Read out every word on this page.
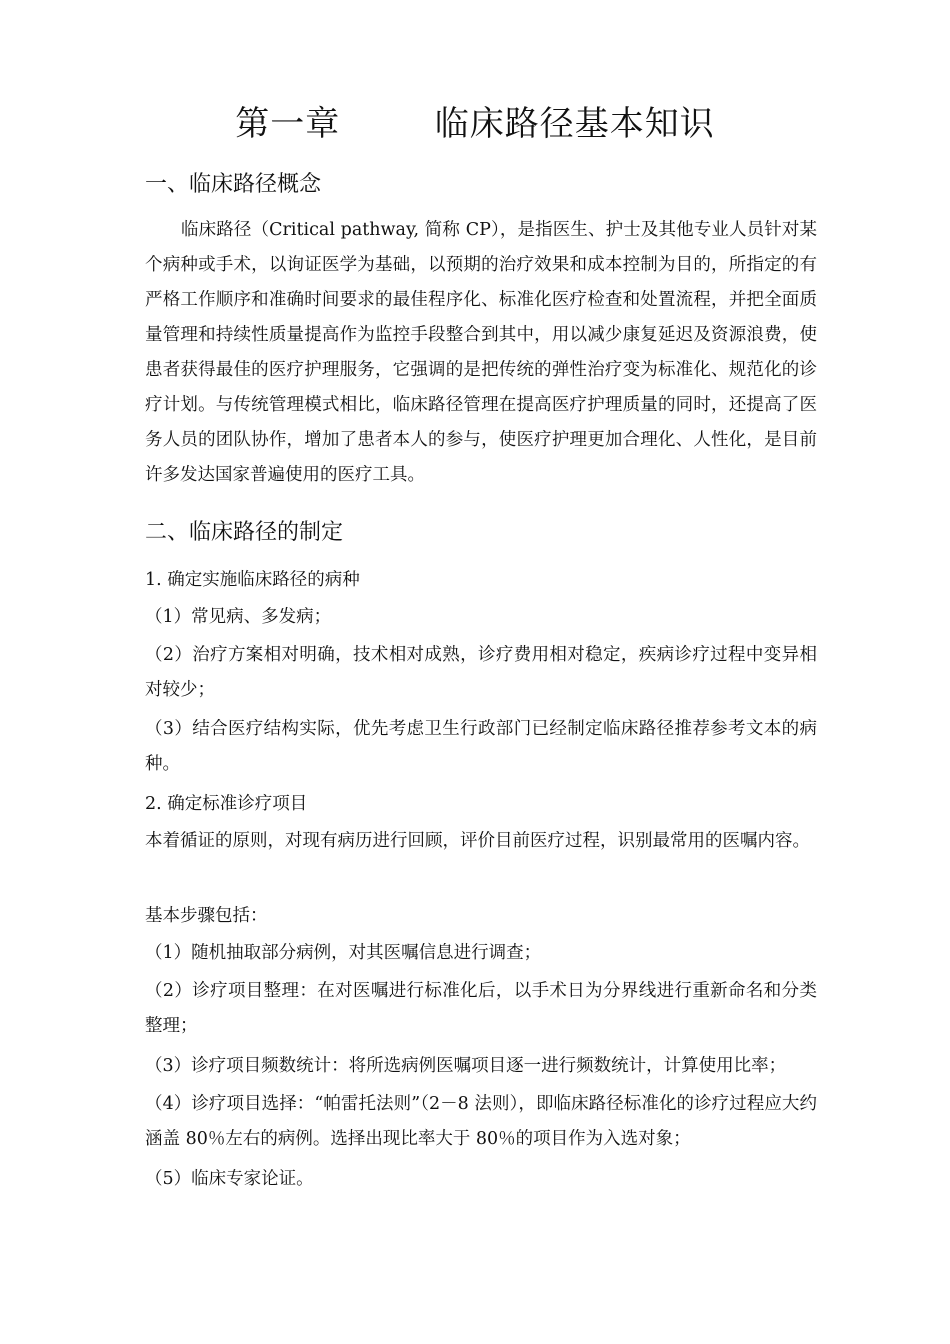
第一章        临床路径基本知识
一、临床路径概念
临床路径（Critical pathway, 简称 CP），是指医生、护士及其他专业人员针对某个病种或手术，以询证医学为基础，以预期的治疗效果和成本控制为目的，所指定的有严格工作顺序和准确时间要求的最佳程序化、标准化医疗检查和处置流程，并把全面质量管理和持续性质量提高作为监控手段整合到其中，用以减少康复延迟及资源浪费，使患者获得最佳的医疗护理服务，它强调的是把传统的弹性治疗变为标准化、规范化的诊疗计划。与传统管理模式相比，临床路径管理在提高医疗护理质量的同时，还提高了医务人员的团队协作，增加了患者本人的参与，使医疗护理更加合理化、人性化，是目前许多发达国家普遍使用的医疗工具。
二、临床路径的制定
1. 确定实施临床路径的病种
（1）常见病、多发病；
（2）治疗方案相对明确，技术相对成熟，诊疗费用相对稳定，疾病诊疗过程中变异相对较少；
（3）结合医疗结构实际，优先考虑卫生行政部门已经制定临床路径推荐参考文本的病种。
2. 确定标准诊疗项目
本着循证的原则，对现有病历进行回顾，评价目前医疗过程，识别最常用的医嘱内容。
基本步骤包括：
（1）随机抽取部分病例，对其医嘱信息进行调查；
（2）诊疗项目整理：在对医嘱进行标准化后，以手术日为分界线进行重新命名和分类整理；
（3）诊疗项目频数统计：将所选病例医嘱项目逐一进行频数统计，计算使用比率；
（4）诊疗项目选择：“帕雷托法则”（2－8 法则），即临床路径标准化的诊疗过程应大约涵盖 80％左右的病例。选择出现比率大于 80％的项目作为入选对象；
（5）临床专家论证。
